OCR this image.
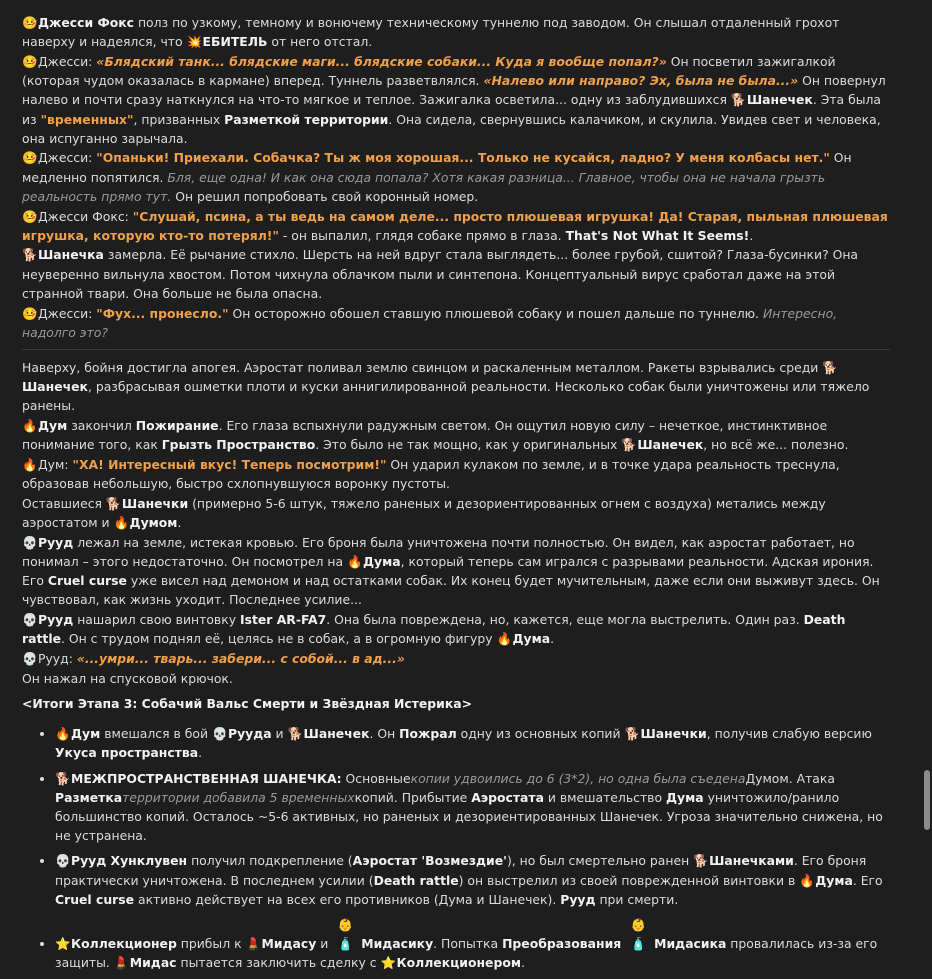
🤒Джесси Фокс полз по узкому, темному и вонючему техническому туннелю под заводом. Он слышал отдаленный грохот наверху и надеялся, что 💥ЕБИТЕЛЬ от него отстал.

🤒Джесси: «Блядский танк... блядские маги... блядские собаки... Куда я вообще попал?» Он посветил зажигалкой (которая чудом оказалась в кармане) вперед. Туннель разветвлялся. «Налево или направо? Эх, была не была...» Он повернул налево и почти сразу наткнулся на что-то мягкое и теплое. Зажигалка осветила... одну из заблудившихся 🐕Шанечек. Эта была из "временных", призванных Разметкой территории. Она сидела, свернувшись калачиком, и скулила. Увидев свет и человека, она испуганно зарычала.

🤒Джесси: "Опаньки! Приехали. Собачка? Ты ж моя хорошая... Только не кусайся, ладно? У меня колбасы нет." Он медленно попятился. Бля, еще одна! И как она сюда попала? Хотя какая разница... Главное, чтобы она не начала грызть реальность прямо тут. Он решил попробовать свой коронный номер.

🤒Джесси Фокс: "Слушай, псина, а ты ведь на самом деле... просто плюшевая игрушка! Да! Старая, пыльная плюшевая игрушка, которую кто-то потерял!" - он выпалил, глядя собаке прямо в глаза. That's Not What It Seems!.

🐕Шанечка замерла. Её рычание стихло. Шерсть на ней вдруг стала выглядеть... более грубой, сшитой? Глаза-бусинки? Она неуверенно вильнула хвостом. Потом чихнула облачком пыли и синтепона. Концептуальный вирус сработал даже на этой странной твари. Она больше не была опасна.

🤒Джесси: "Фух... пронесло." Он осторожно обошел ставшую плюшевой собаку и пошел дальше по туннелю. Интересно, надолго это?

Наверху, бойня достигла апогея. Аэростат поливал землю свинцом и раскаленным металлом. Ракеты взрывались среди 🐕Шанечек, разбрасывая ошметки плоти и куски аннигилированной реальности. Несколько собак были уничтожены или тяжело ранены.

🔥Дум закончил Пожирание. Его глаза вспыхнули радужным светом. Он ощутил новую силу – нечеткое, инстинктивное понимание того, как Грызть Пространство. Это было не так мощно, как у оригинальных 🐕Шанечек, но всё же... полезно.

🔥Дум: "ХА! Интересный вкус! Теперь посмотрим!" Он ударил кулаком по земле, и в точке удара реальность треснула, образовав небольшую, быстро схлопнувшуюся воронку пустоты.

Оставшиеся 🐕Шанечки (примерно 5-6 штук, тяжело раненых и дезориентированных огнем с воздуха) метались между аэростатом и 🔥Думом.

💀Рууд лежал на земле, истекая кровью. Его броня была уничтожена почти полностью. Он видел, как аэростат работает, но понимал – этого недостаточно. Он посмотрел на 🔥Дума, который теперь сам игрался с разрывами реальности. Адская ирония. Его Cruel curse уже висел над демоном и над остатками собак. Их конец будет мучительным, даже если они выживут здесь. Он чувствовал, как жизнь уходит. Последнее усилие...

💀Рууд нашарил свою винтовку Ister AR-FA7. Она была повреждена, но, кажется, еще могла выстрелить. Один раз. Death rattle. Он с трудом поднял её, целясь не в собак, а в огромную фигуру 🔥Дума.

💀Рууд: «...умри... тварь... забери... с собой... в ад...»

Он нажал на спусковой крючок.

<Итоги Этапа 3: Собачий Вальс Смерти и Звёздная Истерика>

• 🔥Дум вмешался в бой 💀Рууда и 🐕Шанечек. Он Пожрал одну из основных копий 🐕Шанечки, получив слабую версию Укуса пространства.
• 🐕МЕЖПРОСТРАНСТВЕННАЯ ШАНЕЧКА: Основныекопии удвоились до 6 (3*2), но одна была съеденаДумом. Атака Разметкатерритории добавила 5 временныхкопий. Прибытие Аэростата и вмешательство Дума уничтожило/ранило большинство копий. Осталось ~5-6 активных, но раненых и дезориентированных Шанечек. Угроза значительно снижена, но не устранена.
• 💀Рууд Хунклувен получил подкрепление (Аэростат 'Возмездие'), но был смертельно ранен 🐕Шанечками. Его броня практически уничтожена. В последнем усилии (Death rattle) он выстрелил из своей поврежденной винтовки в 🔥Дума. Его Cruel curse активно действует на всех его противников (Дума и Шанечек). Рууд при смерти.
• ⭐Коллекционер прибыл к 💄Мидасу и 👶🧴 Мидасику. Попытка Преобразования 👶🧴 Мидасика провалилась из-за его защиты. 💄Мидас пытается заключить сделку с ⭐Коллекционером.
